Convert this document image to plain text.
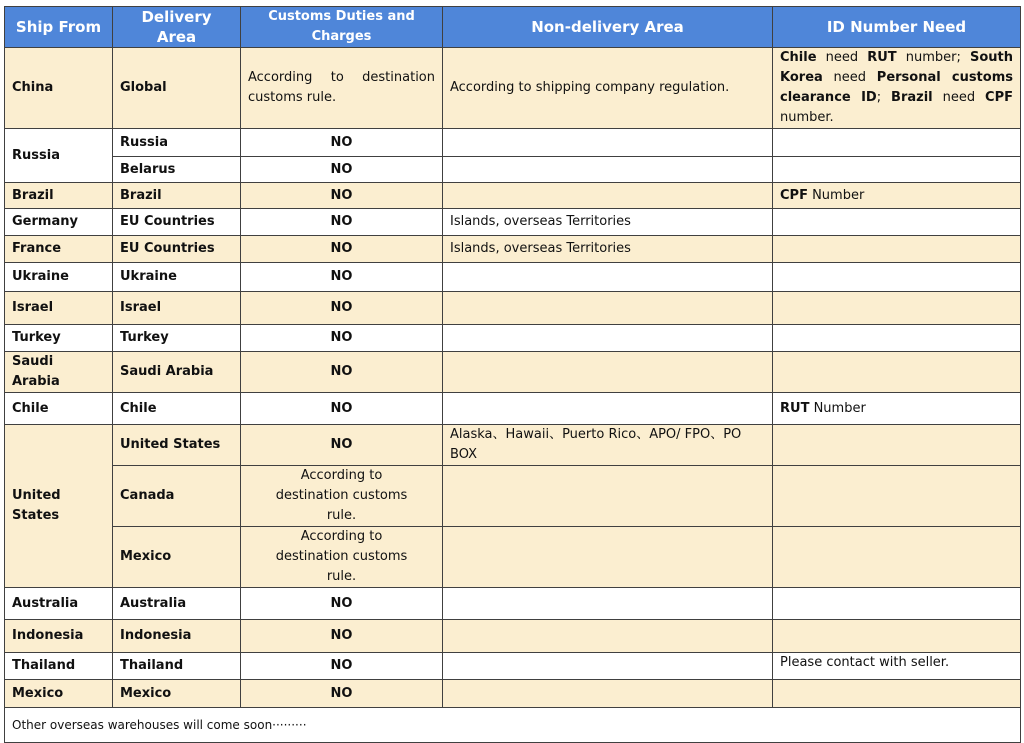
Ship From	Delivery Area	Customs Duties and Charges	Non-delivery Area	ID Number Need
China	Global	According to destination customs rule.	According to shipping company regulation.	Chile need RUT number; South Korea need Personal customs clearance ID; Brazil need CPF number.
Russia	Russia	NO		
	Belarus	NO		
Brazil	Brazil	NO		CPF Number
Germany	EU Countries	NO	Islands, overseas Territories	
France	EU Countries	NO	Islands, overseas Territories	
Ukraine	Ukraine	NO		
Israel	Israel	NO		
Turkey	Turkey	NO		
Saudi Arabia	Saudi Arabia	NO		
Chile	Chile	NO		RUT Number
United States	United States	NO	Alaska、Hawaii、Puerto Rico、APO/ FPO、PO BOX	
	Canada	According to destination customs rule.		
	Mexico	According to destination customs rule.		
Australia	Australia	NO		
Indonesia	Indonesia	NO		
Thailand	Thailand	NO		Please contact with seller.
Mexico	Mexico	NO		
Other overseas warehouses will come soon·········				
